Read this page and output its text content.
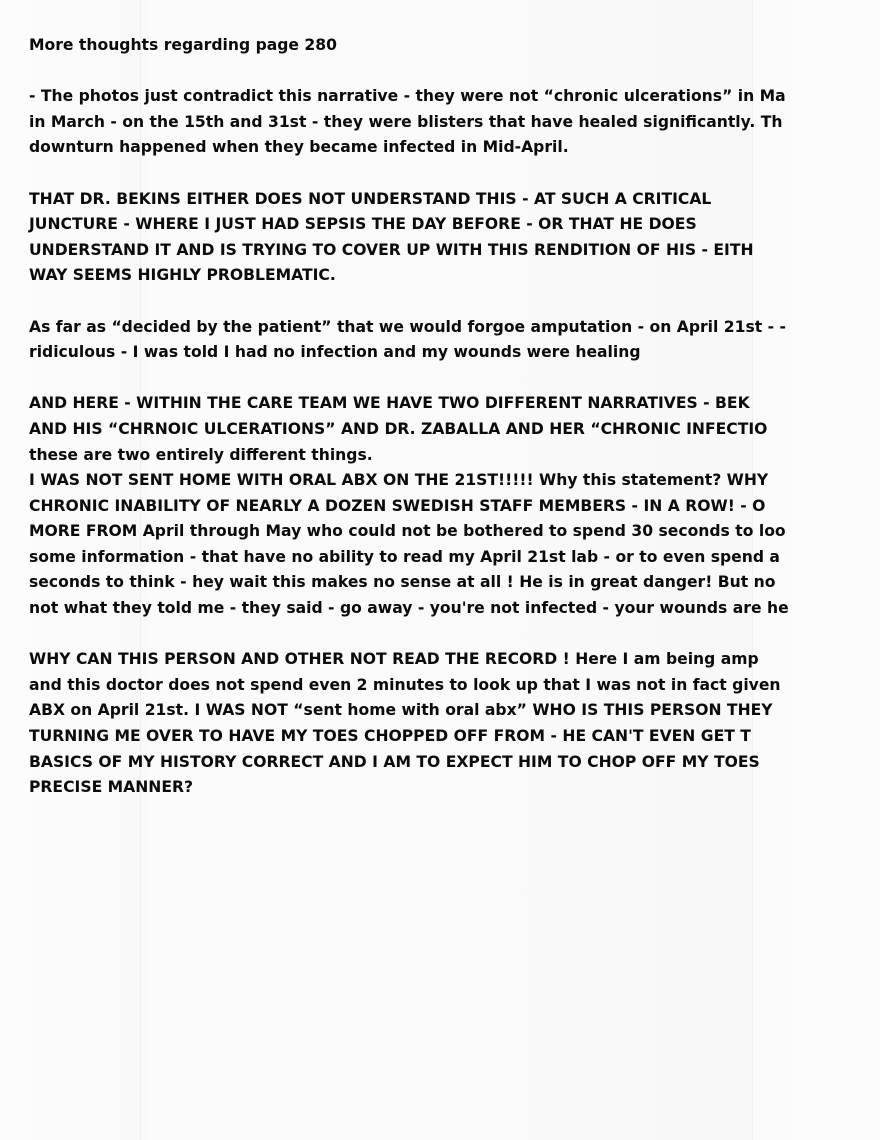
More thoughts regarding page 280
- The photos just contradict this narrative - they were not “chronic ulcerations” in Ma
in March - on the 15th and 31st - they were blisters that have healed significantly. Th
downturn happened when they became infected in Mid-April.
THAT DR. BEKINS EITHER DOES NOT UNDERSTAND THIS - AT SUCH A CRITICAL
JUNCTURE - WHERE I JUST HAD SEPSIS THE DAY BEFORE - OR THAT HE DOES
UNDERSTAND IT AND IS TRYING TO COVER UP WITH THIS RENDITION OF HIS - EITH
WAY SEEMS HIGHLY PROBLEMATIC.
As far as “decided by the patient” that we would forgoe amputation - on April 21st - -
ridiculous - I was told I had no infection and my wounds were healing
AND HERE - WITHIN THE CARE TEAM WE HAVE TWO DIFFERENT NARRATIVES - BEK
AND HIS “CHRNOIC ULCERATIONS” AND DR. ZABALLA AND HER “CHRONIC INFECTIO
these are two entirely different things.
I WAS NOT SENT HOME WITH ORAL ABX ON THE 21ST!!!!! Why this statement? WHY
CHRONIC INABILITY OF NEARLY A DOZEN SWEDISH STAFF MEMBERS - IN A ROW! - O
MORE FROM April through May who could not be bothered to spend 30 seconds to loo
some information - that have no ability to read my April 21st lab - or to even spend a
seconds to think - hey wait this makes no sense at all ! He is in great danger! But no
not what they told me - they said - go away - you're not infected - your wounds are he
WHY CAN THIS PERSON AND OTHER NOT READ THE RECORD ! Here I am being amp
and this doctor does not spend even 2 minutes to look up that I was not in fact given
ABX on April 21st. I WAS NOT “sent home with oral abx” WHO IS THIS PERSON THEY
TURNING ME OVER TO HAVE MY TOES CHOPPED OFF FROM - HE CAN'T EVEN GET T
BASICS OF MY HISTORY CORRECT AND I AM TO EXPECT HIM TO CHOP OFF MY TOES
PRECISE MANNER?
